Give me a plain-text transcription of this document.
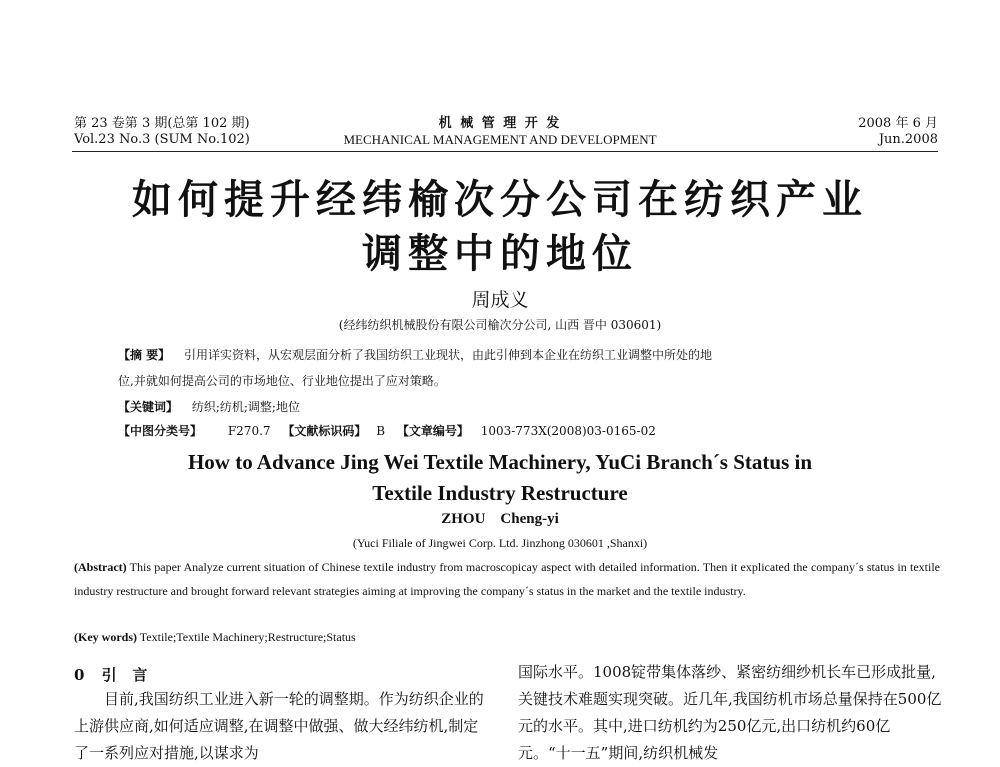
第 23 卷第 3 期(总第 102 期)
Vol.23 No.3 (SUM No.102)
机 械 管 理 开 发
MECHANICAL MANAGEMENT AND DEVELOPMENT
2008 年 6 月
Jun.2008
如何提升经纬榆次分公司在纺织产业
调整中的地位
周成义
(经纬纺织机械股份有限公司榆次分公司, 山西 晋中 030601)
【摘 要】 引用详实资料，从宏观层面分析了我国纺织工业现状，由此引伸到本企业在纺织工业调整中所处的地
位,并就如何提高公司的市场地位、行业地位提出了应对策略。
【关键词】 纺织;纺机;调整;地位
【中图分类号】 F270.7 【文献标识码】 B 【文章编号】 1003-773X(2008)03-0165-02
How to Advance Jing Wei Textile Machinery, YuCi Branch´s Status in
Textile Industry Restructure
ZHOU    Cheng-yi
(Yuci Filiale of Jingwei Corp. Ltd. Jinzhong 030601 ,Shanxi)
(Abstract) This paper Analyze current situation of Chinese textile industry from macroscopicay aspect with detailed information. Then it explicated the company´s status in textile industry restructure and brought forward relevant strategies aiming at improving the company´s status in the market and the textile industry.
(Key words) Textile;Textile Machinery;Restructure;Status
0 引   言

目前,我国纺织工业进入新一轮的调整期。作为纺织企业的上游供应商,如何适应调整,在调整中做强、做大经纬纺机,制定了一系列应对措施,以谋求为

国际水平。1008锭带集体落纱、紧密纺细纱机长车已形成批量,关键技术难题实现突破。近几年,我国纺机市场总量保持在500亿元的水平。其中,进口纺机约为250亿元,出口纺机约60亿元。“十一五”期间,纺织机械发
